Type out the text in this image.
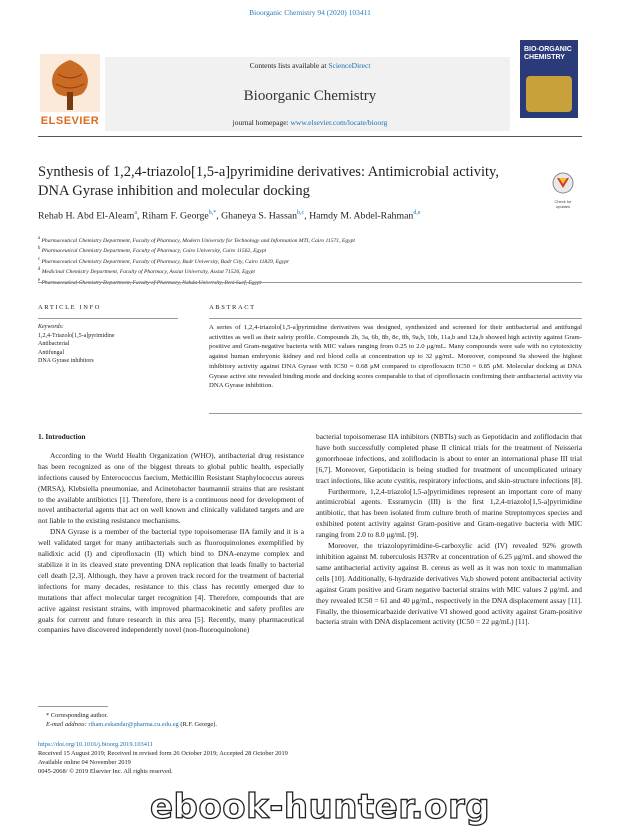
Bioorganic Chemistry 94 (2020) 103411
ELSEVIER
Contents lists available at ScienceDirect
Bioorganic Chemistry
journal homepage: www.elsevier.com/locate/bioorg
BIO-ORGANIC CHEMISTRY
Synthesis of 1,2,4-triazolo[1,5-a]pyrimidine derivatives: Antimicrobial activity, DNA Gyrase inhibition and molecular docking
Check for updates
Rehab H. Abd El-Aleam$^a$, Riham F. George$^{b,*}$, Ghaneya S. Hassan$^{b,c}$, Hamdy M. Abdel-Rahman$^{d,e}$
$^a$ Pharmaceutical Chemistry Department, Faculty of Pharmacy, Modern University for Technology and Information MTI, Cairo 11571, Egypt
$^b$ Pharmaceutical Chemistry Department, Faculty of Pharmacy, Cairo University, Cairo 11562, Egypt
$^c$ Pharmaceutical Chemistry Department, Faculty of Pharmacy, Badr University, Badr City, Cairo 11829, Egypt
$^d$ Medicinal Chemistry Department, Faculty of Pharmacy, Assiut University, Assiut 71526, Egypt
$^e$ Pharmaceutical Chemistry Department, Faculty of Pharmacy, Nahda University, Beni Suef, Egypt
ARTICLE INFO	ABSTRACT
Keywords:
1,2,4-Triazolo[1,5-a]pyrimidine
Antibacterial
Antifungal
DNA Gyrase inhibitors
A series of 1,2,4-triazolo[1,5-a]pyrimidine derivatives was designed, synthesized and screened for their antibacterial and antifungal activities as well as their safety profile. Compounds 2b, 3a, 6b, 8b, 8c, 8h, 9a,b, 10b, 11a,b and 12a,b showed high activity against Gram-positive and Gram-negative bacteria with MIC values ranging from 0.25 to 2.0 μg/mL. Many compounds were safe with no cytotoxicity against human embryonic kidney and red blood cells at concentration up to 32 μg/mL. Moreover, compound 9a showed the highest inhibitory activity against DNA Gyrase with IC50 = 0.68 μM compared to ciprofloxacin IC50 = 0.85 μM. Molecular docking at DNA Gyrase active site revealed binding mode and docking scores comparable to that of ciprofloxacin confirming their antibacterial activity via DNA Gyrase inhibition.
1. Introduction

According to the World Health Organization (WHO), antibacterial drug resistance has been recognized as one of the biggest threats to global public health, especially infections caused by Enterococcus faecium, Methicillin Resistant Staphylococcus aureus (MRSA), Klebsiella pneumoniae, and Acinetobacter baumannii strains that are resistant to the available antibiotics [1]. Therefore, there is a continuous need for development of novel antibacterial agents that act on well known and clinically validated targets and are not liable to the existing resistance mechanisms.

DNA Gyrase is a member of the bacterial type topoisomerase IIA family and it is a well validated target for many antibacterials such as fluoroquinolones exemplified by nalidixic acid (I) and ciprofloxacin (II) which bind to DNA-enzyme complex and stabilize it in its cleaved state preventing DNA replication that leads finally to bacterial cell death [2,3]. Although, they have a proven track record for the treatment of bacterial infections for many decades, resistance to this class has recently emerged due to mutations that affect molecular target recognition [4]. Therefore, compounds that are active against resistant strains, with improved pharmacokinetic and safety profiles are goals for current and future research in this area [5]. Recently, many pharmaceutical companies have discovered independently novel (non-fluoroquinolone)

bacterial topoisomerase IIA inhibitors (NBTIs) such as Gepotidacin and zoliflodacin that have both successfully completed phase II clinical trials for the treatment of Neisseria gonorrhoeae infections, and zoliflodacin is about to enter an international phase III trial [6,7]. Moreover, Gepotidacin is being studied for treatment of uncomplicated urinary tract infections, like acute cystitis, respiratory infections, and skin-structure infections [8].

Furthermore, 1,2,4-triazolo[1,5-a]pyrimidines represent an important core of many antimicrobial agents. Essramycin (III) is the first 1,2,4-triazolo[1,5-a]pyrimidine antibiotic, that has been isolated from culture broth of marine Streptomyces species and exhibited potent activity against Gram-positive and Gram-negative bacteria with MIC ranging from 2.0 to 8.0 μg/mL [9].

Moreover, the triazolopyrimidine-6-carboxylic acid (IV) revealed 92% growth inhibition against M. tuberculosis H37Rv at concentration of 6.25 μg/mL and showed the same antibacterial activity against B. cereus as well as it was non toxic to mammalian cells [10]. Additionally, 6-hydrazide derivatives Va,b showed potent antibacterial activity against Gram positive and Gram negative bacterial strains with MIC values 2 μg/mL and they revealed IC50 = 61 and 40 μg/mL, respectively in the DNA displacement assay [11]. Finally, the thiosemicarbazide derivative VI showed good activity against Gram-positive bacteria strain with DNA displacement activity (IC50 = 22 μg/mL) [11].

* Corresponding author.
E-mail address: riham.eskandar@pharma.cu.edu.eg (R.F. George).
https://doi.org/10.1016/j.bioorg.2019.103411
Received 15 August 2019; Received in revised form 26 October 2019; Accepted 28 October 2019
Available online 04 November 2019
0045-2068/ © 2019 Elsevier Inc. All rights reserved.
ebook-hunter.org
